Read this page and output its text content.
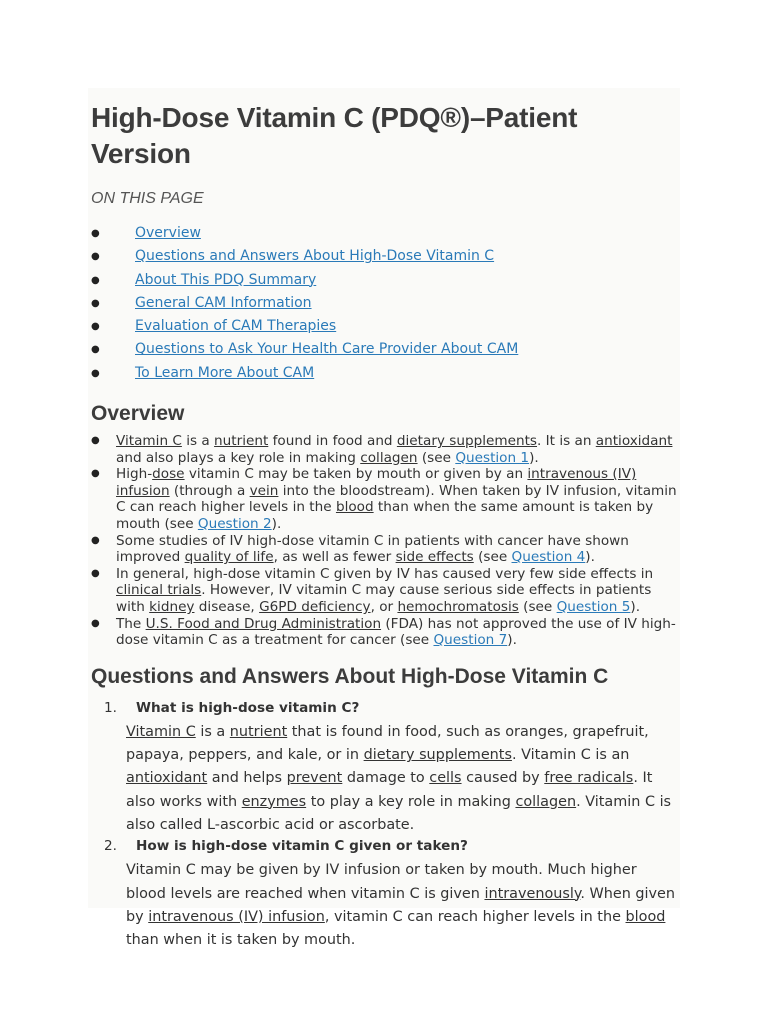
High-Dose Vitamin C (PDQ®)–Patient Version
ON THIS PAGE
●	Overview
●	Questions and Answers About High-Dose Vitamin C
●	About This PDQ Summary
●	General CAM Information
●	Evaluation of CAM Therapies
●	Questions to Ask Your Health Care Provider About CAM
●	To Learn More About CAM
Overview
● Vitamin C is a nutrient found in food and dietary supplements. It is an antioxidant and also plays a key role in making collagen (see Question 1).
● High-dose vitamin C may be taken by mouth or given by an intravenous (IV) infusion (through a vein into the bloodstream). When taken by IV infusion, vitamin C can reach higher levels in the blood than when the same amount is taken by mouth (see Question 2).
● Some studies of IV high-dose vitamin C in patients with cancer have shown improved quality of life, as well as fewer side effects (see Question 4).
● In general, high-dose vitamin C given by IV has caused very few side effects in clinical trials. However, IV vitamin C may cause serious side effects in patients with kidney disease, G6PD deficiency, or hemochromatosis (see Question 5).
● The U.S. Food and Drug Administration (FDA) has not approved the use of IV high-dose vitamin C as a treatment for cancer (see Question 7).
Questions and Answers About High-Dose Vitamin C
1.	What is high-dose vitamin C?
Vitamin C is a nutrient that is found in food, such as oranges, grapefruit, papaya, peppers, and kale, or in dietary supplements. Vitamin C is an antioxidant and helps prevent damage to cells caused by free radicals. It also works with enzymes to play a key role in making collagen. Vitamin C is also called L-ascorbic acid or ascorbate.
2.	How is high-dose vitamin C given or taken?
Vitamin C may be given by IV infusion or taken by mouth. Much higher blood levels are reached when vitamin C is given intravenously. When given by intravenous (IV) infusion, vitamin C can reach higher levels in the blood than when it is taken by mouth.
